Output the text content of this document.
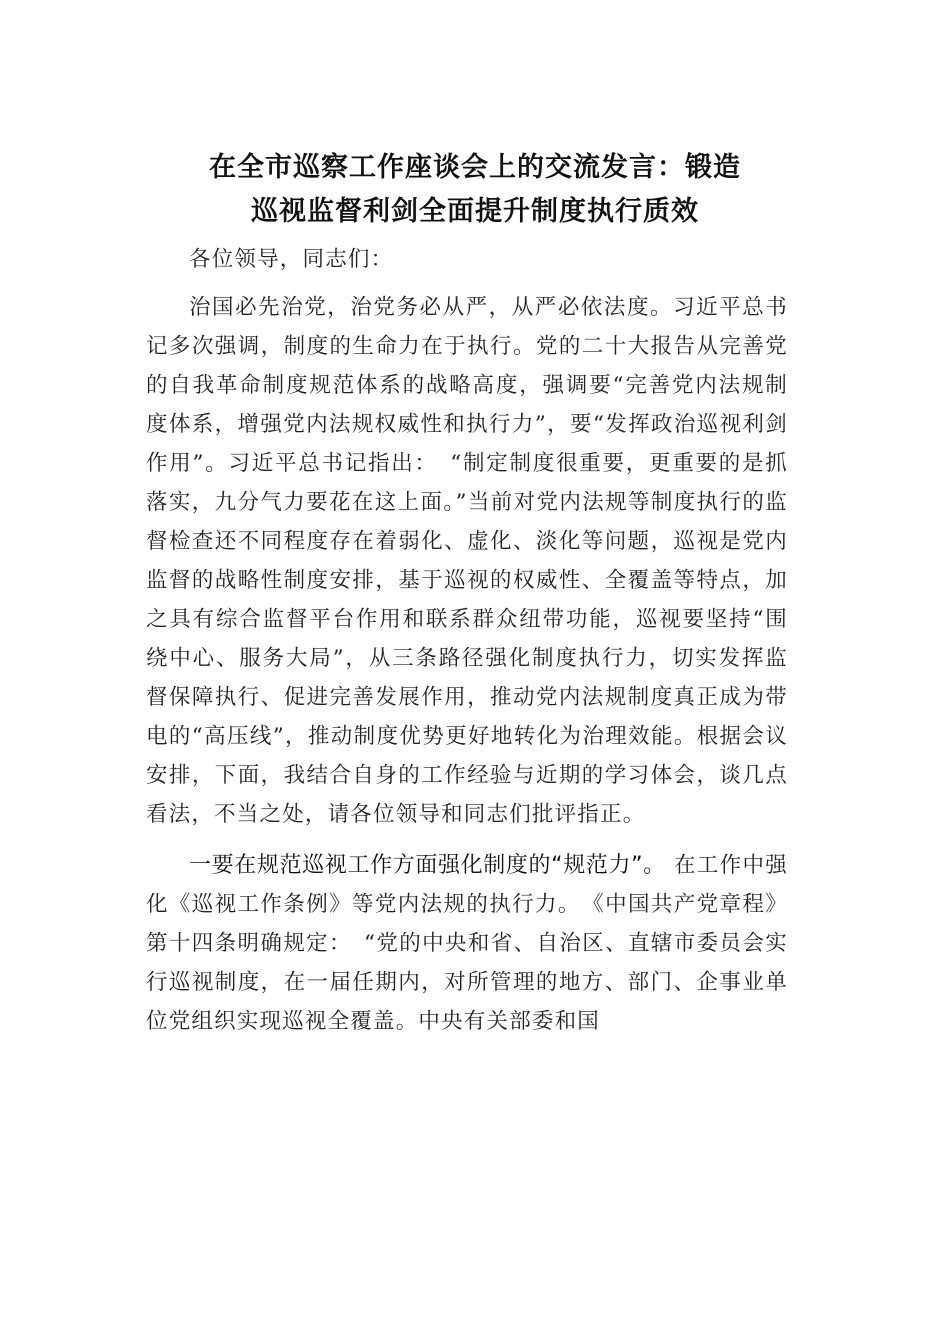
在全市巡察工作座谈会上的交流发言：锻造
巡视监督利剑全面提升制度执行质效

各位领导，同志们：

治国必先治党，治党务必从严，从严必依法度。习近平总书记多次强调，制度的生命力在于执行。党的二十大报告从完善党的自我革命制度规范体系的战略高度，强调要“完善党内法规制度体系，增强党内法规权威性和执行力”，要“发挥政治巡视利剑作用”。习近平总书记指出：　“制定制度很重要，更重要的是抓落实，九分气力要花在这上面。”当前对党内法规等制度执行的监督检查还不同程度存在着弱化、虚化、淡化等问题，巡视是党内监督的战略性制度安排，基于巡视的权威性、全覆盖等特点，加之具有综合监督平台作用和联系群众纽带功能，巡视要坚持“围绕中心、服务大局”，从三条路径强化制度执行力，切实发挥监督保障执行、促进完善发展作用，推动党内法规制度真正成为带电的“高压线”，推动制度优势更好地转化为治理效能。根据会议安排，下面，我结合自身的工作经验与近期的学习体会，谈几点看法，不当之处，请各位领导和同志们批评指正。

一要在规范巡视工作方面强化制度的“规范力”。 在工作中强化《巡视工作条例》等党内法规的执行力。　《中国共产党章程》第十四条明确规定：　“党的中央和省、自治区、直辖市委员会实行巡视制度，在一届任期内，对所管理的地方、部门、企事业单位党组织实现巡视全覆盖。中央有关部委和国
